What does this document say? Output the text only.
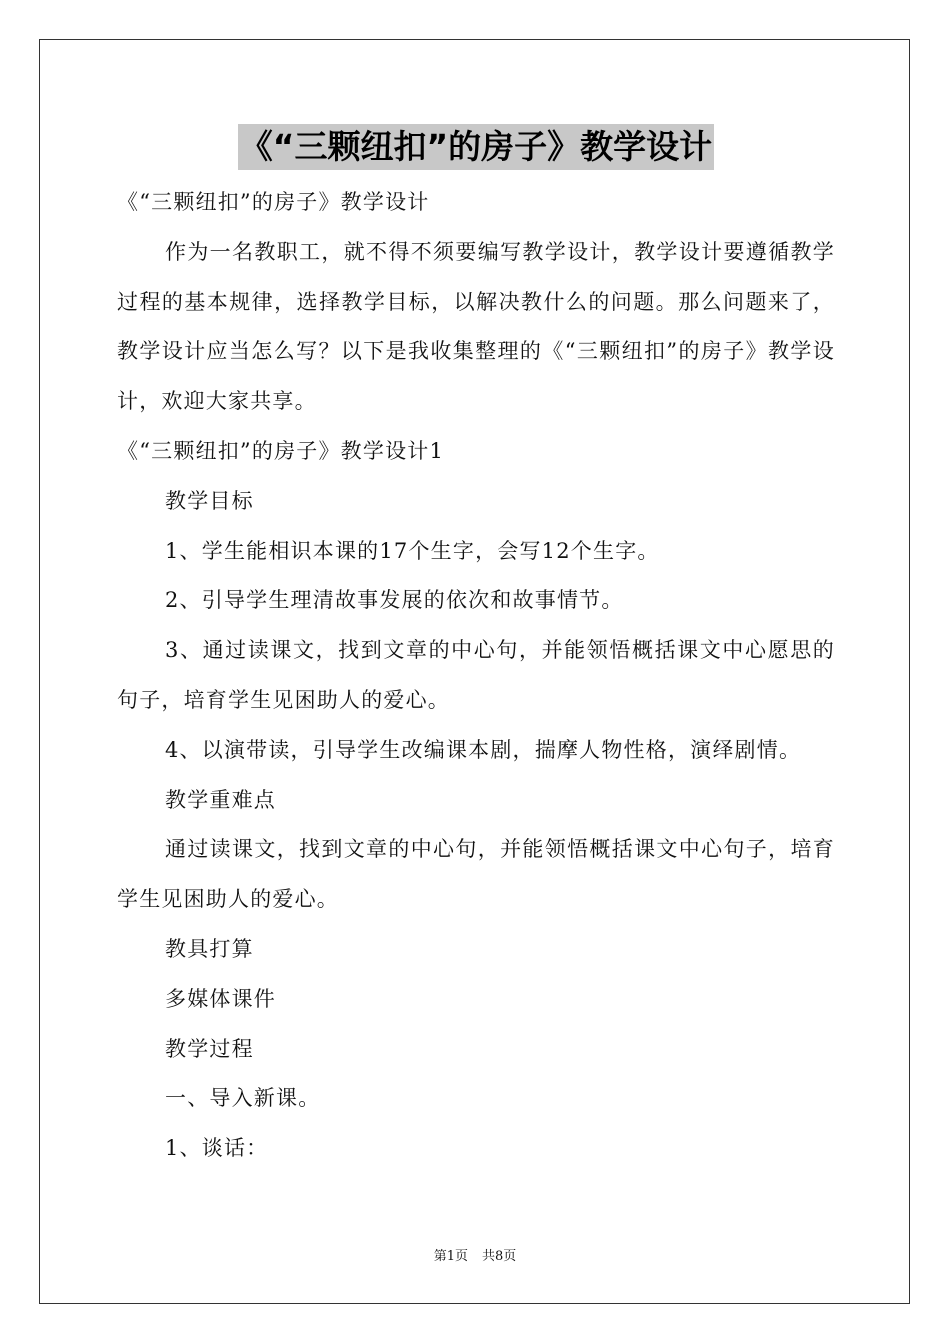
《“三颗纽扣”的房子》教学设计

《“三颗纽扣”的房子》教学设计

作为一名教职工，就不得不须要编写教学设计，教学设计要遵循教学过程的基本规律，选择教学目标，以解决教什么的问题。那么问题来了，教学设计应当怎么写？以下是我收集整理的《“三颗纽扣”的房子》教学设计，欢迎大家共享。

《“三颗纽扣”的房子》教学设计1

教学目标

1、学生能相识本课的17个生字，会写12个生字。

2、引导学生理清故事发展的依次和故事情节。

3、通过读课文，找到文章的中心句，并能领悟概括课文中心愿思的句子，培育学生见困助人的爱心。

4、以演带读，引导学生改编课本剧，揣摩人物性格，演绎剧情。

教学重难点

通过读课文，找到文章的中心句，并能领悟概括课文中心句子，培育学生见困助人的爱心。

教具打算

多媒体课件

教学过程

一、导入新课。

1、谈话：

第1页 共8页
